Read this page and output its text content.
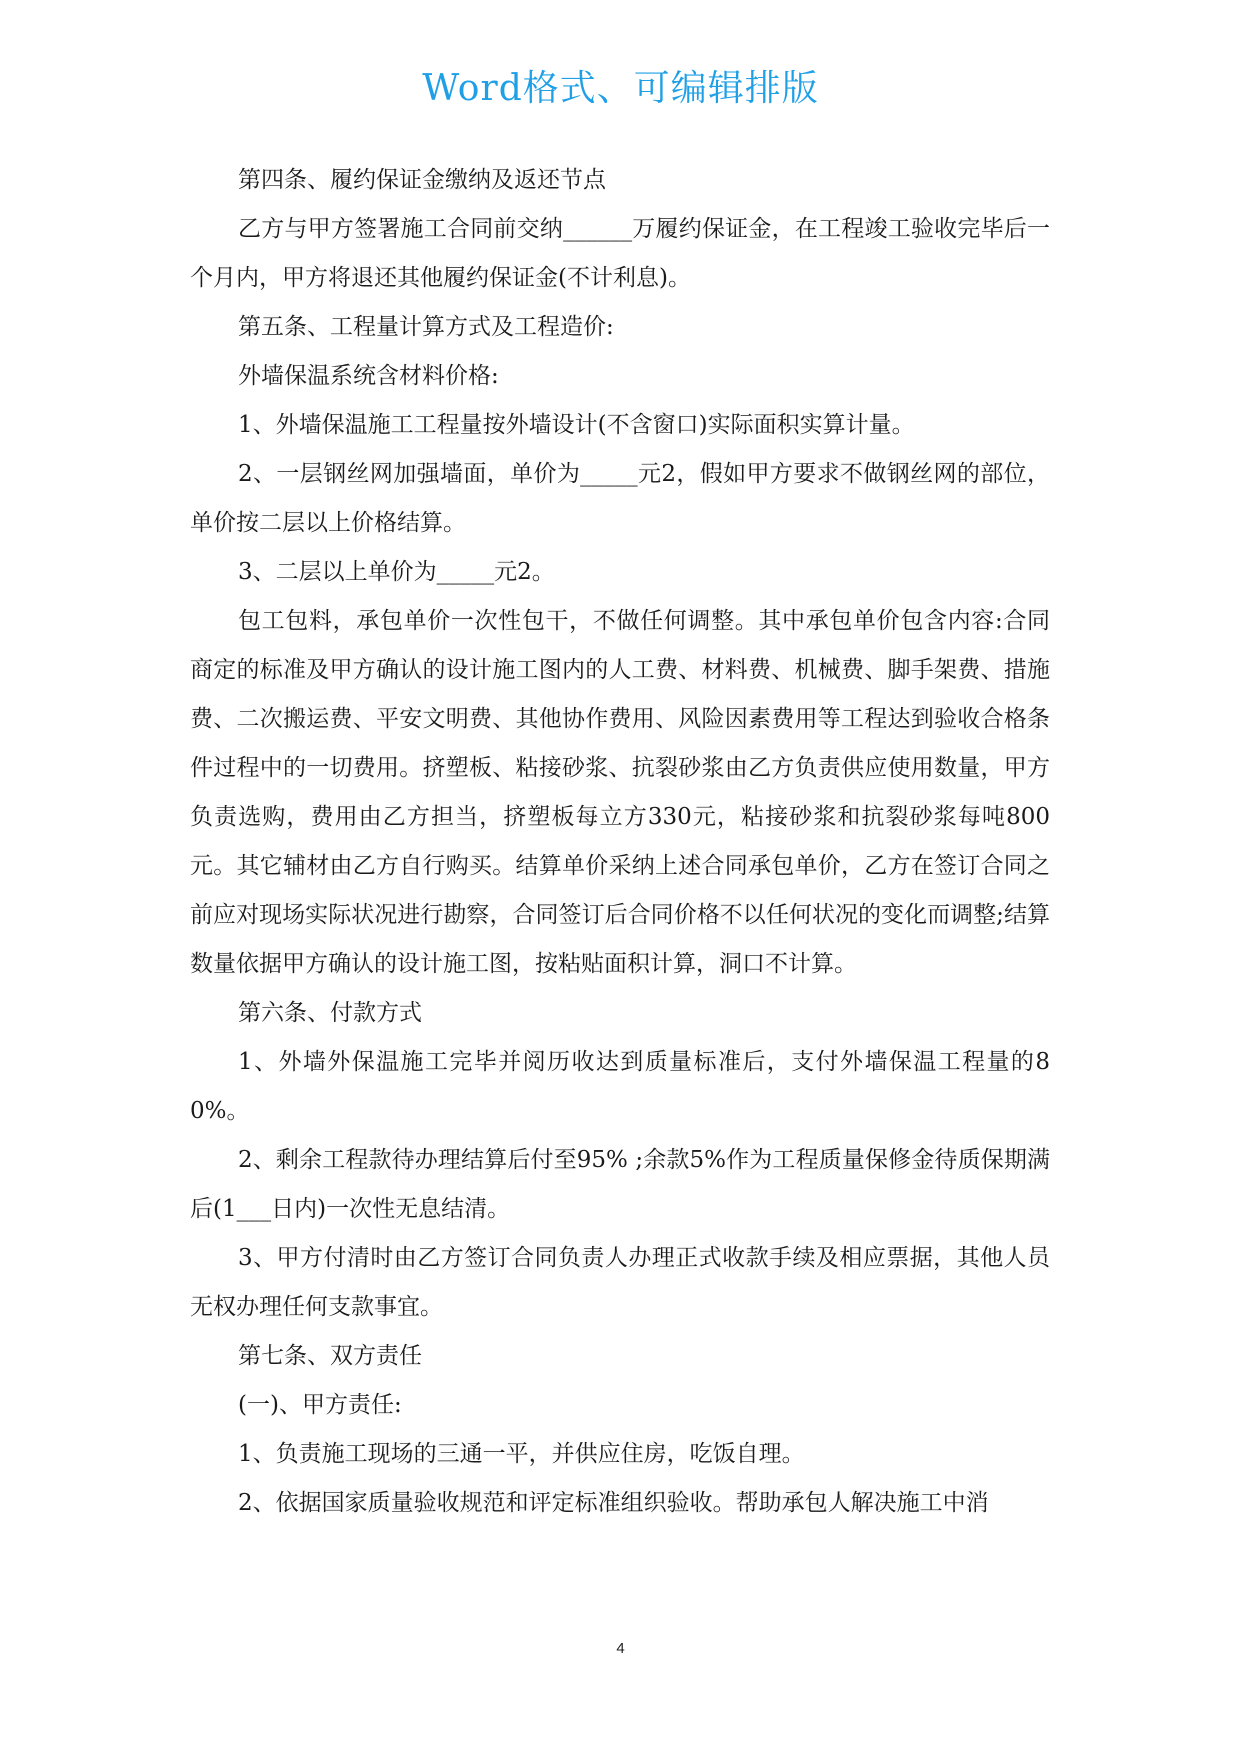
Word格式、可编辑排版

第四条、履约保证金缴纳及返还节点

乙方与甲方签署施工合同前交纳______万履约保证金，在工程竣工验收完毕后一个月内，甲方将退还其他履约保证金(不计利息)。

第五条、工程量计算方式及工程造价:

外墙保温系统含材料价格:

1、外墙保温施工工程量按外墙设计(不含窗口)实际面积实算计量。

2、一层钢丝网加强墙面，单价为_____元2，假如甲方要求不做钢丝网的部位，单价按二层以上价格结算。

3、二层以上单价为_____元2。

包工包料，承包单价一次性包干，不做任何调整。其中承包单价包含内容:合同商定的标准及甲方确认的设计施工图内的人工费、材料费、机械费、脚手架费、措施费、二次搬运费、平安文明费、其他协作费用、风险因素费用等工程达到验收合格条件过程中的一切费用。挤塑板、粘接砂浆、抗裂砂浆由乙方负责供应使用数量，甲方负责选购，费用由乙方担当，挤塑板每立方330元，粘接砂浆和抗裂砂浆每吨800元。其它辅材由乙方自行购买。结算单价采纳上述合同承包单价，乙方在签订合同之前应对现场实际状况进行勘察，合同签订后合同价格不以任何状况的变化而调整;结算数量依据甲方确认的设计施工图，按粘贴面积计算，洞口不计算。

第六条、付款方式

1、外墙外保温施工完毕并阅历收达到质量标准后，支付外墙保温工程量的80%。

2、剩余工程款待办理结算后付至95% ;余款5%作为工程质量保修金待质保期满后(1___日内)一次性无息结清。

3、甲方付清时由乙方签订合同负责人办理正式收款手续及相应票据，其他人员无权办理任何支款事宜。

第七条、双方责任

(一)、甲方责任:

1、负责施工现场的三通一平，并供应住房，吃饭自理。

2、依据国家质量验收规范和评定标准组织验收。帮助承包人解决施工中消

4
